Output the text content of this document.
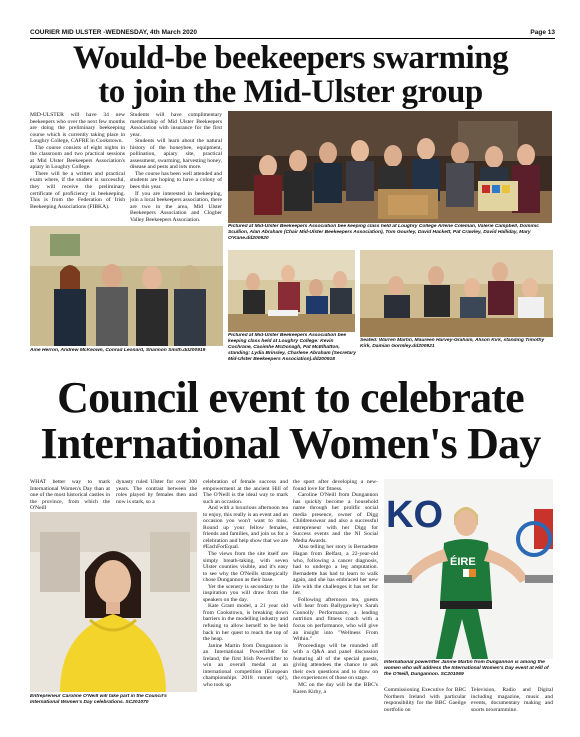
COURIER MID ULSTER -WEDNESDAY, 4th March 2020	Page 13
Would-be beekeepers swarming
to join the Mid-Ulster group

MID-ULSTER will have 34 new beekeepers who over the next few months are doing the preliminary beekeeping course which is currently taking place in Loughry College, CAFRE in Cookstown.

The course consists of eight nights in the classroom and two practical sessions at Mid Ulster Beekeepers Association's apiary in Loughry College.

There will be a written and practical exam where, if the student is successful, they will receive the preliminary certificate of proficiency in beekeeping. This is from the Federation of Irish Beekeeping Associations (FIBKA).

Students will have complimentary membership of Mid Ulster Beekeepers Association with insurance for the first year.

Students will learn about the natural history of the honeybee, equipment, pollination, apiary site, practical assessment, swarming, harvesting honey, disease and pests and lots more.

The course has been well attended and students are hoping to have a colony of bees this year.

If you are interested in beekeeping, join a local beekeepers association, there are two in the area, Mid Ulster Beekeepers Association and Clogher Valley Beekeepers Association.

Pictured at Mid-Ulster Beekeepers Association bee keeping class held at Loughry College Arlene Coleman, Valerie Campbell, Dominic Scullion, Alan Abraham (Chair Mid-Ulster Beekeepers Association), Tom Gourley, David Hackett, Pat Crawley, David Halliday, Mary O'Kane.dd200920
Pictured at Mid-Ulster Beekeepers Association bee keeping class held at Loughry College: Kevin Cochrane, Caoimhe McDonagh, Pat McElhatton, standing: Lydia Brinsley, Charlene Abraham (Secretary Mid-Ulster Beekeepers Association).dd200918
Aine Herron, Andrew McKeown, Conrad Leonard, Shannon Smith.dd200919
Seated: Warren Martin, Maureen Harvey-Graham, Alison Kirk, standing Timothy Kirk, Damian Gormley.dd200921
Council event to celebrate
International Women's Day

WHAT better way to mark International Women's Day than at one of the most historical castles in the province, from which the O'Neill

dynasty ruled Ulster for over 300 years. The contrast between the roles played by females then and now is stark, so a

Entrepreneur Caroline O'Neill will take part in the Council's International Women's Day celebrations. SC201070

celebration of female success and empowerment at the ancient Hill of The O'Neill is the ideal way to mark such an occasion.

And with a luxurious afternoon tea to enjoy, this really is an event and an occasion you won't want to miss. Round up your fellow females, friends and families, and join us for a celebration and help show that we are #EachForEqual.

The views from the site itself are simply breath-taking, with seven Ulster counties visible, and it's easy to see why the O'Neills strategically chose Dungannon as their base.

Yet the scenery is secondary to the inspiration you will draw from the speakers on the day.

Kate Grant model, a 21 year old from Cookstown, is breaking down barriers in the modelling industry and refusing to allow herself to be held back in her quest to reach the top of the heap.

Janine Martin from Dungannon is an International Powerlifter for Ireland, the first Irish Powerlifter to win an overall medal at an international competition (European championships 2018 runner up!), who took up

the sport after developing a new-found love for fitness.

Caroline O'Neill from Dungannon has quickly become a household name through her prolific social media presence, owner of Digg Childrenswear and also a successful entrepreneur with her Digg for Success events and the NI Social Media Awards.

Also telling her story is Bernadette Hagan from Belfast, a 22-year-old who, following a cancer diagnosis, had to undergo a leg amputation. Bernadette has had to learn to walk again, and she has embraced her new life with the challenges it has set for her.

Following afternoon tea, guests will hear from Ballygawley's Sarah Connolly Performance, a leading nutrition and fitness coach with a focus on performance, who will give an insight into "Wellness From Within."

Proceedings will be rounded off with a Q&A and panel discussion featuring all of the special guests, giving attendees the chance to ask their own questions and to draw on the experiences of those on stage.

MC on the day will be the BBC's Karen Kirby, a

KO
ÉIRE
International powerlifter Janine Martin from Dungannon is among the women who will address the International Women's Day event at Hill of the O'Neill, Dungannon. SC201069

Commissioning Executive for BBC Northern Ireland with particular responsibility for the BBC Gaeilge portfolio on

Television, Radio and Digital including magazine, music and events, documentary making and sports programming.
